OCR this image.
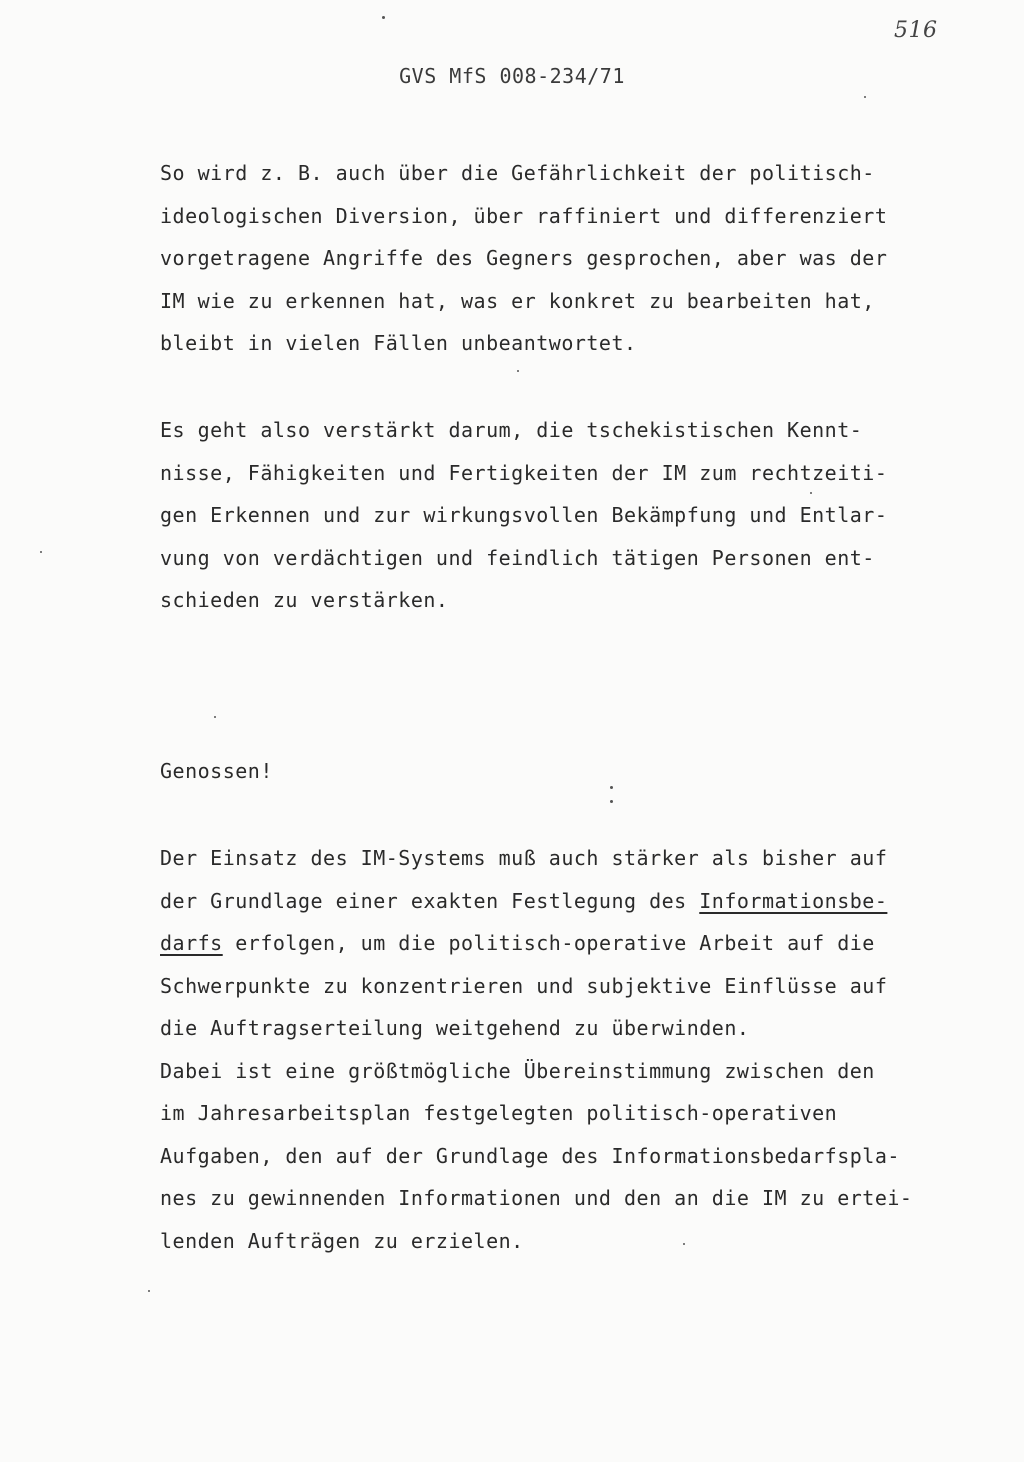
516
GVS MfS 008-234/71
So wird z. B. auch über die Gefährlichkeit der politisch-
ideologischen Diversion, über raffiniert und differenziert
vorgetragene Angriffe des Gegners gesprochen, aber was der
IM wie zu erkennen hat, was er konkret zu bearbeiten hat,
bleibt in vielen Fällen unbeantwortet.
Es geht also verstärkt darum, die tschekistischen Kennt-
nisse, Fähigkeiten und Fertigkeiten der IM zum rechtzeiti-
gen Erkennen und zur wirkungsvollen Bekämpfung und Entlar-
vung von verdächtigen und feindlich tätigen Personen ent-
schieden zu verstärken.
Genossen!
Der Einsatz des IM-Systems muß auch stärker als bisher auf
der Grundlage einer exakten Festlegung des Informationsbe-
darfs erfolgen, um die politisch-operative Arbeit auf die
Schwerpunkte zu konzentrieren und subjektive Einflüsse auf
die Auftragserteilung weitgehend zu überwinden.
Dabei ist eine größtmögliche Übereinstimmung zwischen den
im Jahresarbeitsplan festgelegten politisch-operativen
Aufgaben, den auf der Grundlage des Informationsbedarfspla-
nes zu gewinnenden Informationen und den an die IM zu ertei-
lenden Aufträgen zu erzielen.
